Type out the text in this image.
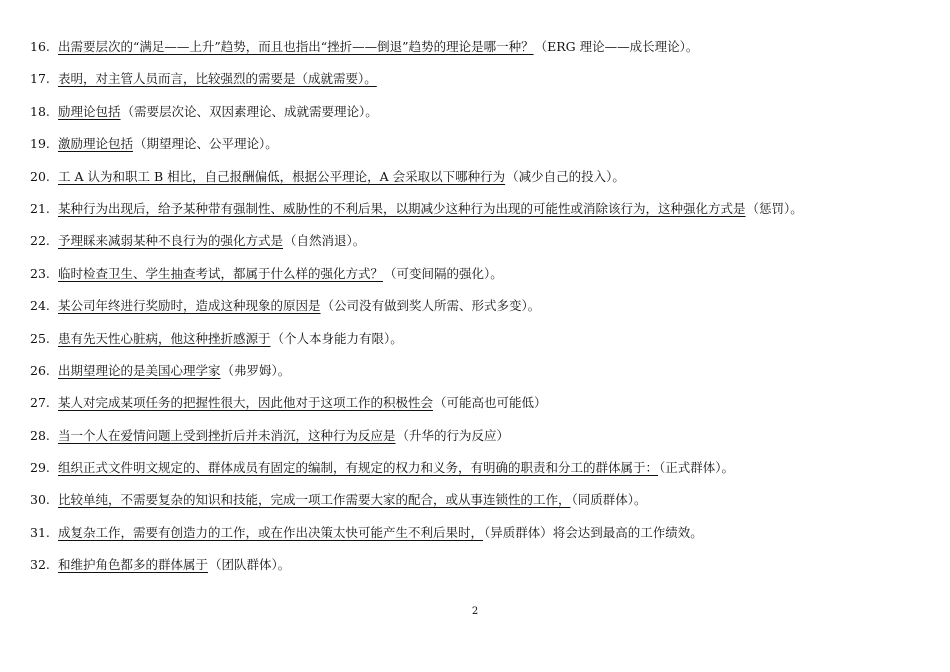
16. 出需要层次的“满足——上升”趋势，而且也指出“挫折——倒退”趋势的理论是哪一种？（ERG 理论——成长理论）。
17. 表明，对主管人员而言，比较强烈的需要是（成就需要）。
18. 励理论包括（需要层次论、双因素理论、成就需要理论）。
19. 激励理论包括（期望理论、公平理论）。
20. 工 A 认为和职工 B 相比，自己报酬偏低，根据公平理论，A 会采取以下哪种行为（减少自己的投入）。
21. 某种行为出现后，给予某种带有强制性、威胁性的不利后果，以期减少这种行为出现的可能性或消除该行为，这种强化方式是（惩罚）。
22. 予理睬来减弱某种不良行为的强化方式是（自然消退）。
23. 临时检查卫生、学生抽查考试，都属于什么样的强化方式？（可变间隔的强化）。
24. 某公司年终进行奖励时，造成这种现象的原因是（公司没有做到奖人所需、形式多变）。
25. 患有先天性心脏病，他这种挫折感源于（个人本身能力有限）。
26. 出期望理论的是美国心理学家（弗罗姆）。
27. 某人对完成某项任务的把握性很大，因此他对于这项工作的积极性会（可能高也可能低）
28. 当一个人在爱情问题上受到挫折后并未消沉，这种行为反应是（升华的行为反应）
29. 组织正式文件明文规定的、群体成员有固定的编制，有规定的权力和义务，有明确的职责和分工的群体属于：（正式群体）。
30. 比较单纯，不需要复杂的知识和技能，完成一项工作需要大家的配合，或从事连锁性的工作，（同质群体）。
31. 成复杂工作，需要有创造力的工作，或在作出决策太快可能产生不利后果时，（异质群体）将会达到最高的工作绩效。
32. 和维护角色都多的群体属于（团队群体）。
2
